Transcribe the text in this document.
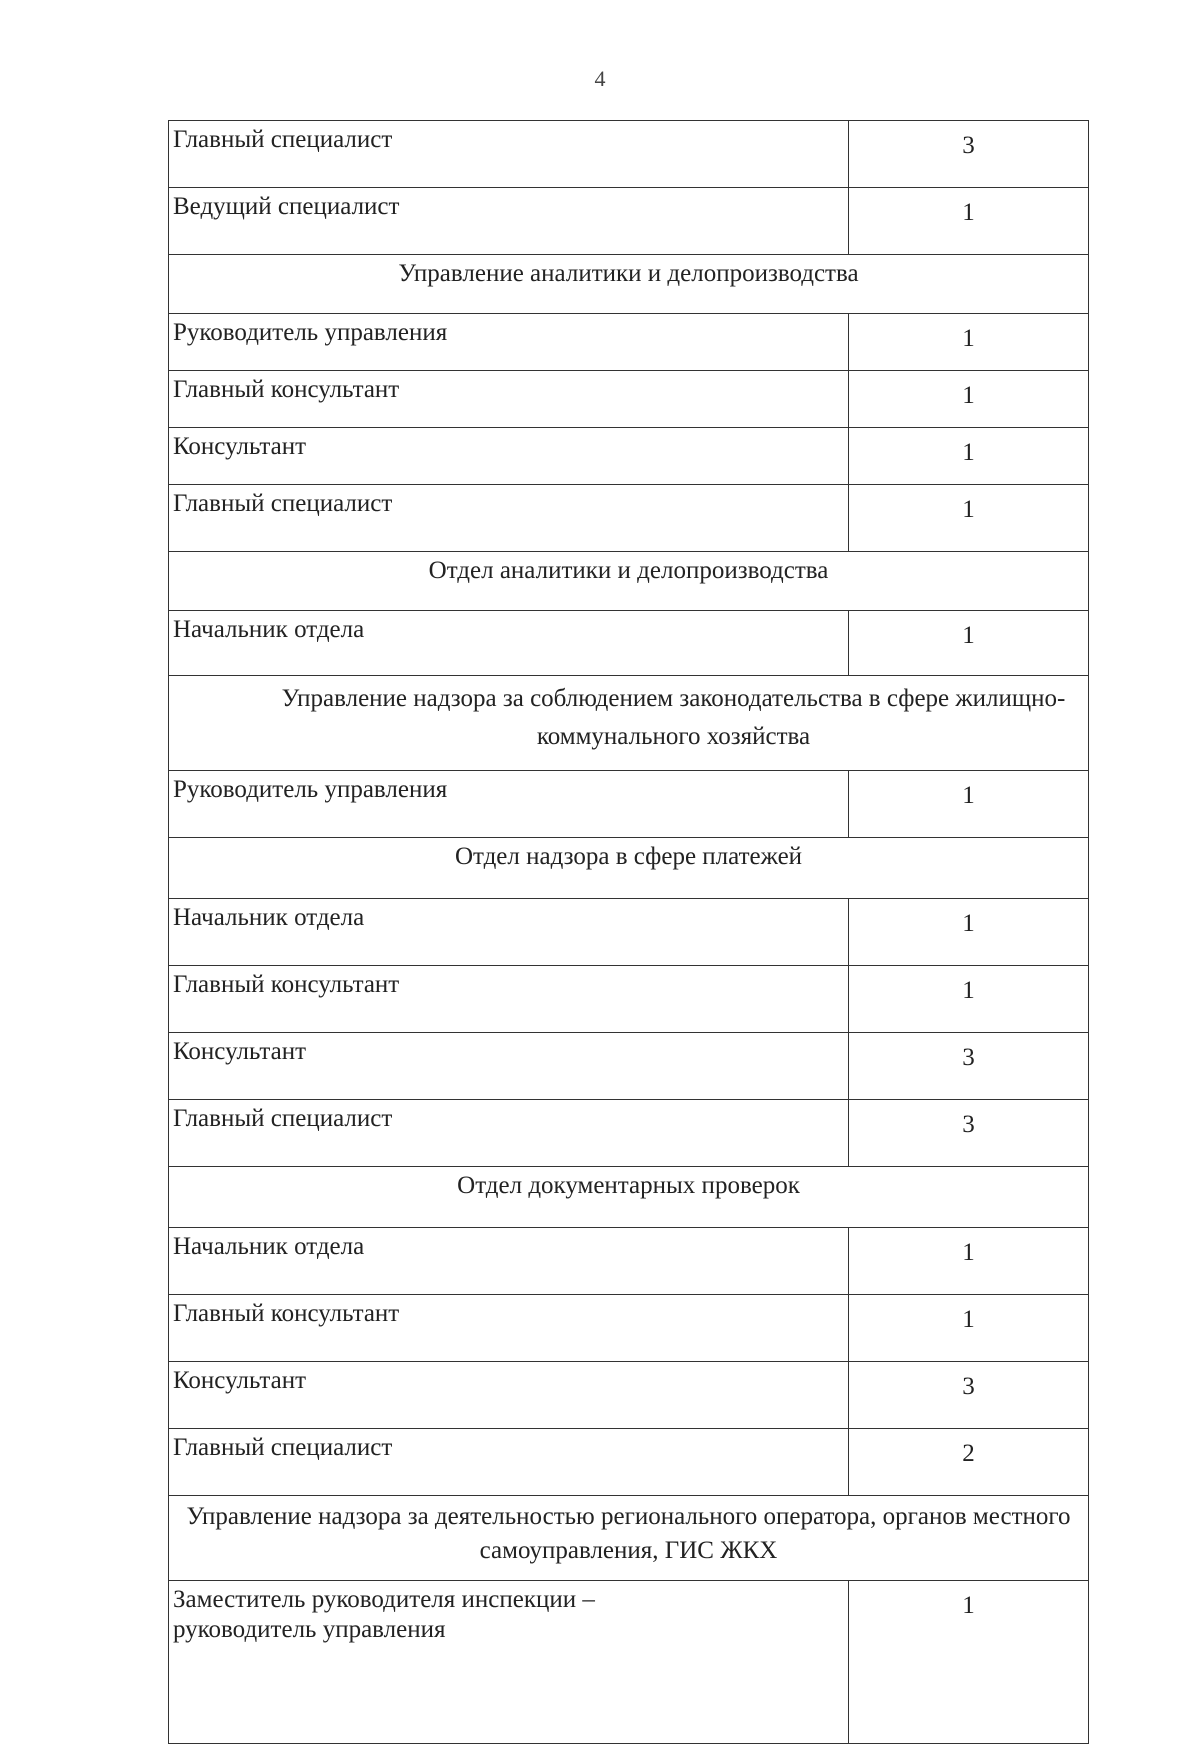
4
Главный специалист	3
Ведущий специалист	1
Управление аналитики и делопроизводства	
Руководитель управления	1
Главный консультант	1
Консультант	1
Главный специалист	1
Отдел аналитики и делопроизводства	
Начальник отдела	1
Управление надзора за соблюдением законодательства в сфере жилищно-коммунального хозяйства	
Руководитель управления	1
Отдел надзора в сфере платежей	
Начальник отдела	1
Главный консультант	1
Консультант	3
Главный специалист	3
Отдел документарных проверок	
Начальник отдела	1
Главный консультант	1
Консультант	3
Главный специалист	2
Управление надзора за деятельностью регионального оператора, органов местного самоуправления, ГИС ЖКХ	

Заместитель руководителя инспекции – руководитель управления	1
